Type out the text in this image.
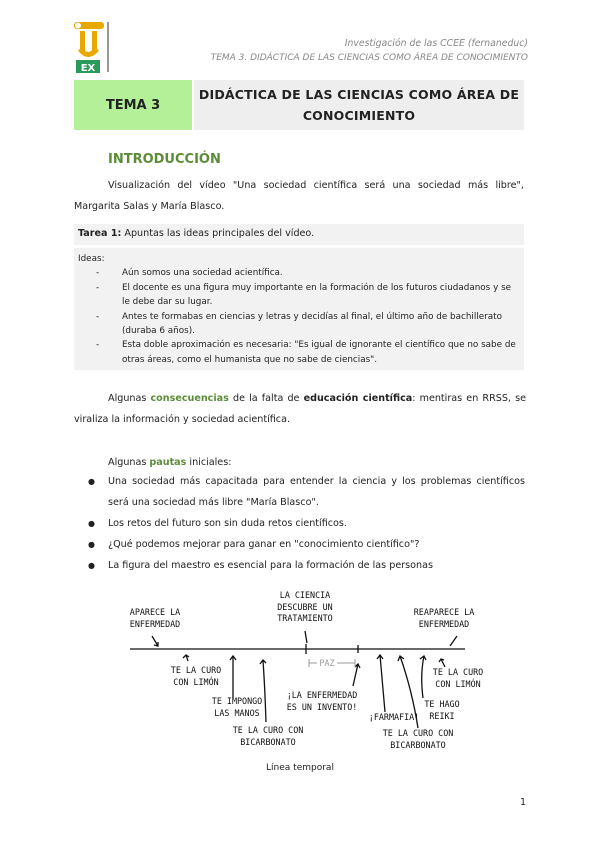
EX
Investigación de las CCEE (fernaneduc)
TEMA 3. DIDÁCTICA DE LAS CIENCIAS COMO ÁREA DE CONOCIMIENTO
TEMA 3
DIDÁCTICA DE LAS CIENCIAS COMO ÁREA DE CONOCIMIENTO
INTRODUCCIÓN

Visualización del vídeo "Una sociedad científica será una sociedad más libre", Margarita Salas y María Blasco.

Tarea 1: Apuntas las ideas principales del vídeo.
Ideas:
- Aún somos una sociedad acientífica.
- El docente es una figura muy importante en la formación de los futuros ciudadanos y se le debe dar su lugar.
- Antes te formabas en ciencias y letras y decidías al final, el último año de bachillerato (duraba 6 años).
- Esta doble aproximación es necesaria: "Es igual de ignorante el científico que no sabe de otras áreas, como el humanista que no sabe de ciencias".

Algunas consecuencias de la falta de educación científica: mentiras en RRSS, se viraliza la información y sociedad acientífica.

Algunas pautas iniciales:

● Una sociedad más capacitada para entender la ciencia y los problemas científicos será una sociedad más libre "María Blasco".
● Los retos del futuro son sin duda retos científicos.
● ¿Qué podemos mejorar para ganar en "conocimiento científico"?
● La figura del maestro es esencial para la formación de las personas
APARECE LA
ENFERMEDAD
LA CIENCIA
DESCUBRE UN
TRATAMIENTO
REAPARECE LA
ENFERMEDAD
TE LA CURO
CON LIMÓN
TE IMPONGO
LAS MANOS
TE LA CURO CON
BICARBONATO
PAZ
¡LA ENFERMEDAD
ES UN INVENTO!
¡FARMAFIA!
TE LA CURO CON
BICARBONATO
TE HAGO
REIKI
TE LA CURO
CON LIMÓN
Línea temporal
1
